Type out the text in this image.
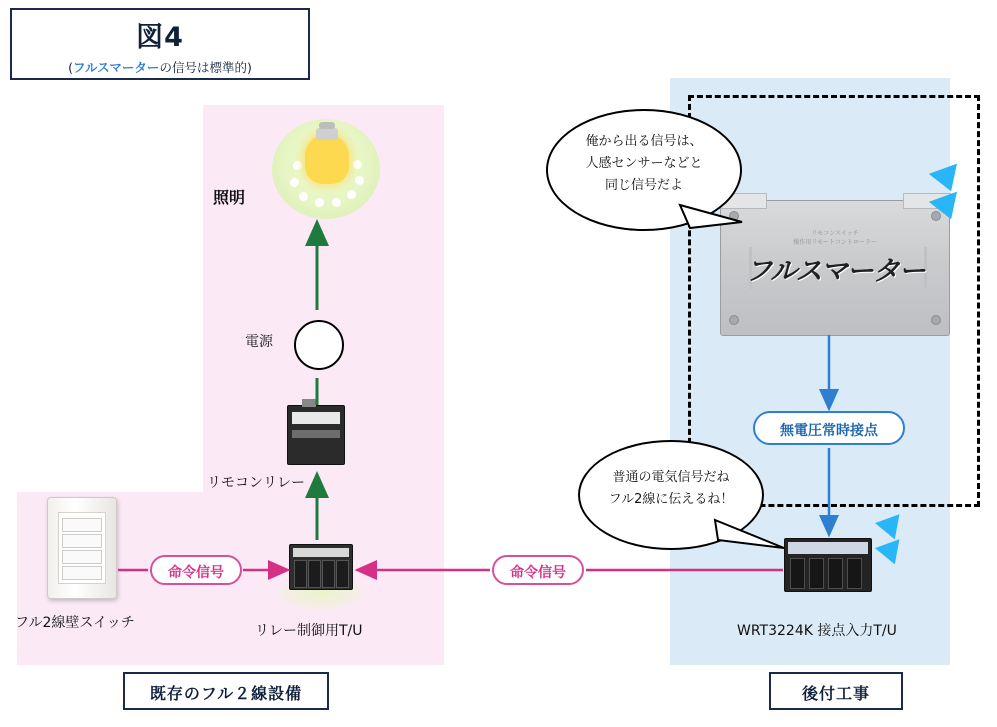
図4
(フルスマーターの信号は標準的)
照明
電源
リモコンリレー
リレー制御用T/U
フル2線壁スイッチ
リモコンスイッチ
操作用リモートコントローラー
フルスマーター
無電圧常時接点
WRT3224K 接点入力T/U
命令信号	命令信号
俺から出る信号は、
人感センサーなどと
同じ信号だよ
普通の電気信号だね
フル2線に伝えるね！
既存のフル２線設備	後付工事
